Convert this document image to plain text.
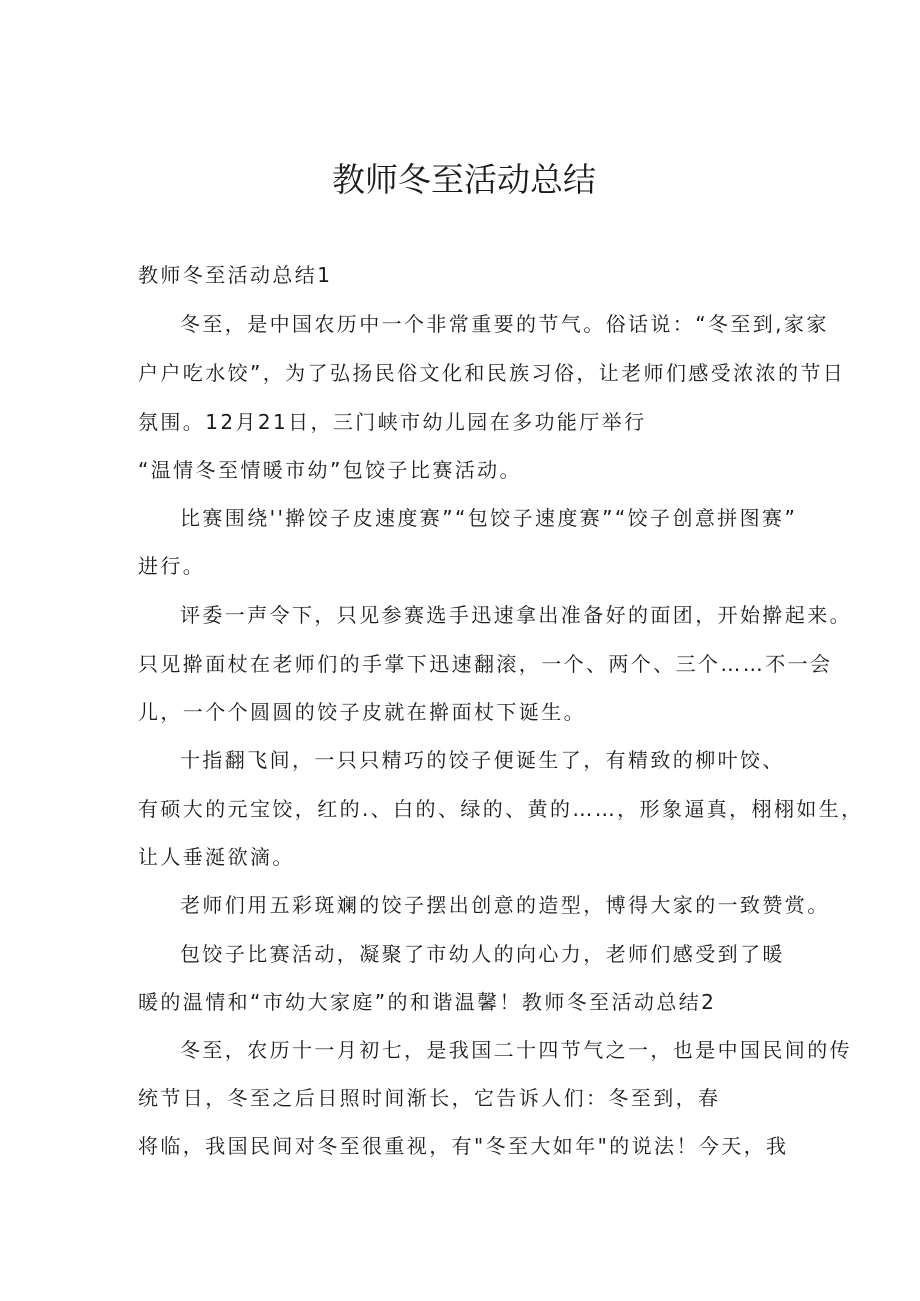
教师冬至活动总结

教师冬至活动总结1

冬至，是中国农历中一个非常重要的节气。俗话说：“冬至到,家家

户户吃水饺”，为了弘扬民俗文化和民族习俗，让老师们感受浓浓的节日

氛围。12月21日，三门峡市幼儿园在多功能厅举行

“温情冬至情暖市幼”包饺子比赛活动。

比赛围绕''擀饺子皮速度赛”“包饺子速度赛”“饺子创意拼图赛”

进行。

评委一声令下，只见参赛选手迅速拿出准备好的面团，开始擀起来。

只见擀面杖在老师们的手掌下迅速翻滚，一个、两个、三个……不一会

儿，一个个圆圆的饺子皮就在擀面杖下诞生。

十指翻飞间，一只只精巧的饺子便诞生了，有精致的柳叶饺、

有硕大的元宝饺，红的.、白的、绿的、黄的……，形象逼真，栩栩如生，

让人垂涎欲滴。

老师们用五彩斑斓的饺子摆出创意的造型，博得大家的一致赞赏。

包饺子比赛活动，凝聚了市幼人的向心力，老师们感受到了暖

暖的温情和“市幼大家庭”的和谐温馨！教师冬至活动总结2

冬至，农历十一月初七，是我国二十四节气之一，也是中国民间的传

统节日，冬至之后日照时间渐长，它告诉人们：冬至到，春

将临，我国民间对冬至很重视，有"冬至大如年"的说法！今天，我
